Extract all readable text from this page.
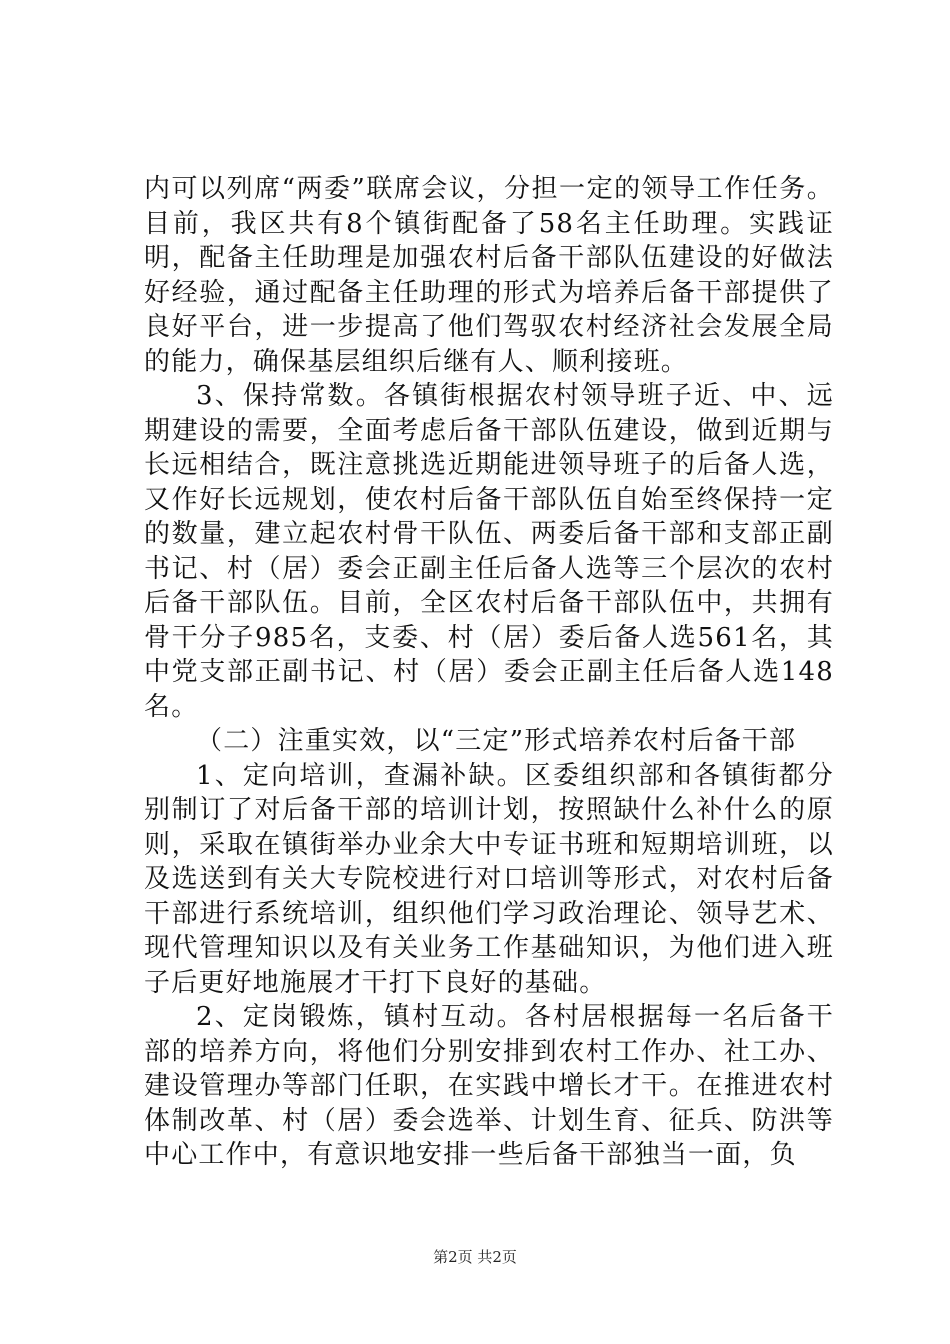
内可以列席“两委”联席会议，分担一定的领导工作任务。目前，我区共有8个镇街配备了58名主任助理。实践证明，配备主任助理是加强农村后备干部队伍建设的好做法好经验，通过配备主任助理的形式为培养后备干部提供了良好平台，进一步提高了他们驾驭农村经济社会发展全局的能力，确保基层组织后继有人、顺利接班。

3、保持常数。各镇街根据农村领导班子近、中、远期建设的需要，全面考虑后备干部队伍建设，做到近期与长远相结合，既注意挑选近期能进领导班子的后备人选，又作好长远规划，使农村后备干部队伍自始至终保持一定的数量，建立起农村骨干队伍、两委后备干部和支部正副书记、村（居）委会正副主任后备人选等三个层次的农村后备干部队伍。目前，全区农村后备干部队伍中，共拥有骨干分子985名，支委、村（居）委后备人选561名，其中党支部正副书记、村（居）委会正副主任后备人选148名。

（二）注重实效，以“三定”形式培养农村后备干部

1、定向培训，查漏补缺。区委组织部和各镇街都分别制订了对后备干部的培训计划，按照缺什么补什么的原则，采取在镇街举办业余大中专证书班和短期培训班，以及选送到有关大专院校进行对口培训等形式，对农村后备干部进行系统培训，组织他们学习政治理论、领导艺术、现代管理知识以及有关业务工作基础知识，为他们进入班子后更好地施展才干打下良好的基础。

2、定岗锻炼，镇村互动。各村居根据每一名后备干部的培养方向，将他们分别安排到农村工作办、社工办、建设管理办等部门任职，在实践中增长才干。在推进农村体制改革、村（居）委会选举、计划生育、征兵、防洪等中心工作中，有意识地安排一些后备干部独当一面，负

第2页 共2页
